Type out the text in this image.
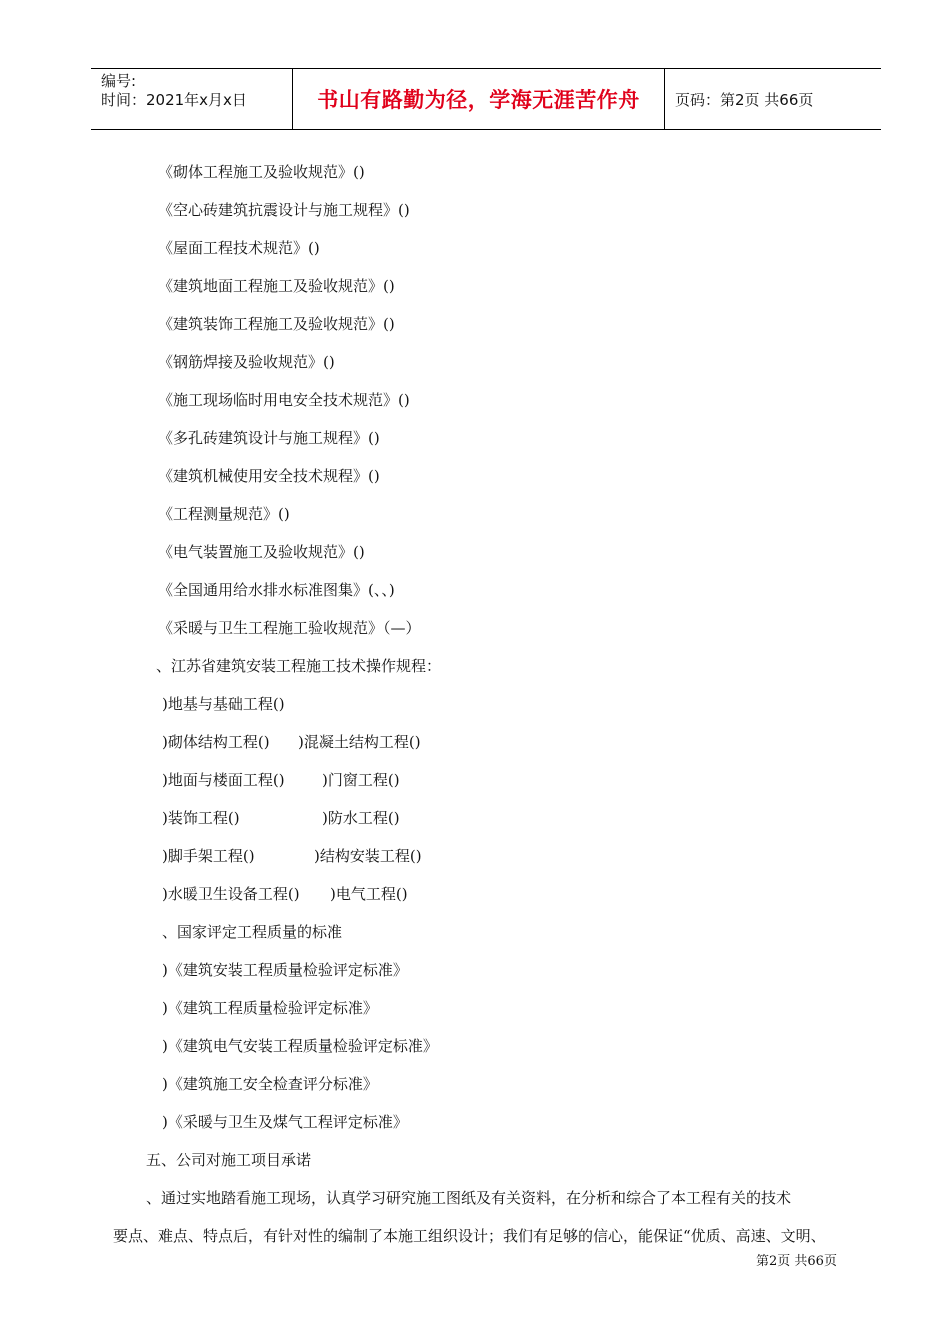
编号:
时间：2021年x月x日	书山有路勤为径，学海无涯苦作舟	页码：第2页 共66页
《砌体工程施工及验收规范》()
《空心砖建筑抗震设计与施工规程》()
《屋面工程技术规范》()
《建筑地面工程施工及验收规范》()
《建筑装饰工程施工及验收规范》()
《钢筋焊接及验收规范》()
《施工现场临时用电安全技术规范》()
《多孔砖建筑设计与施工规程》()
《建筑机械使用安全技术规程》()
《工程测量规范》()
《电气装置施工及验收规范》()
《全国通用给水排水标准图集》(、、)
《采暖与卫生工程施工验收规范》（—）
、江苏省建筑安装工程施工技术操作规程：
)地基与基础工程()
)砌体结构工程() )混凝土结构工程()
)地面与楼面工程() )门窗工程()
)装饰工程()	)防水工程()
)脚手架工程()	)结构安装工程()
)水暖卫生设备工程() )电气工程()
、国家评定工程质量的标准
)《建筑安装工程质量检验评定标准》
)《建筑工程质量检验评定标准》
)《建筑电气安装工程质量检验评定标准》
)《建筑施工安全检查评分标准》
)《采暖与卫生及煤气工程评定标准》
五、公司对施工项目承诺
、通过实地踏看施工现场，认真学习研究施工图纸及有关资料，在分析和综合了本工程有关的技术
要点、难点、特点后，有针对性的编制了本施工组织设计；我们有足够的信心，能保证“优质、高速、文明、
第2页 共66页
